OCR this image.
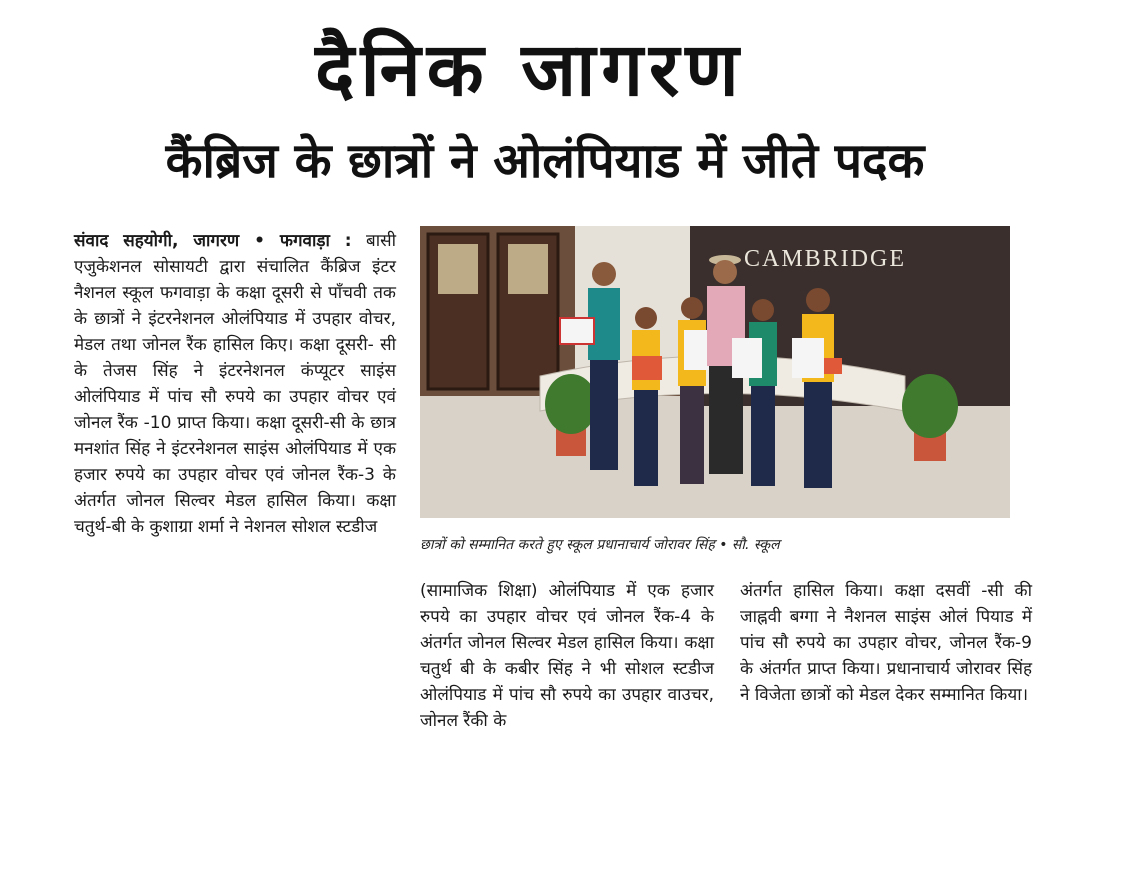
दैनिक जागरण
कैंब्रिज के छात्रों ने ओलंपियाड में जीते पदक

संवाद सहयोगी, जागरण • फगवाड़ा : बासी एजुकेशनल सोसायटी द्वारा संचालित कैंब्रिज इंटर नैशनल स्कूल फगवाड़ा के कक्षा दूसरी से पाँचवी तक के छात्रों ने इंटरनेशनल ओलंपियाड में उपहार वोचर, मेडल तथा जोनल रैंक हासिल किए। कक्षा दूसरी- सी के तेजस सिंह ने इंटरनेशनल कंप्यूटर साइंस ओलंपियाड में पांच सौ रुपये का उपहार वोचर एवं जोनल रैंक -10 प्राप्त किया। कक्षा दूसरी-सी के छात्र मनशांत सिंह ने इंटरनेशनल साइंस ओलंपियाड में एक हजार रुपये का उपहार वोचर एवं जोनल रैंक-3 के अंतर्गत जोनल सिल्वर मेडल हासिल किया। कक्षा चतुर्थ-बी के कुशाग्रा शर्मा ने नेशनल सोशल स्टडीज

CAMBRIDGE
छात्रों को सम्मानित करते हुए स्कूल प्रधानाचार्य जोरावर सिंह • सौ. स्कूल

(सामाजिक शिक्षा) ओलंपियाड में एक हजार रुपये का उपहार वोचर एवं जोनल रैंक-4 के अंतर्गत जोनल सिल्वर मेडल हासिल किया। कक्षा चतुर्थ बी के कबीर सिंह ने भी सोशल स्टडीज ओलंपियाड में पांच सौ रुपये का उपहार वाउचर, जोनल रैंकी के

अंतर्गत हासिल किया। कक्षा दसवीं -सी की जाह्नवी बग्गा ने नैशनल साइंस ओलं पियाड में पांच सौ रुपये का उपहार वोचर, जोनल रैंक-9 के अंतर्गत प्राप्त किया। प्रधानाचार्य जोरावर सिंह ने विजेता छात्रों को मेडल देकर सम्मानित किया।
